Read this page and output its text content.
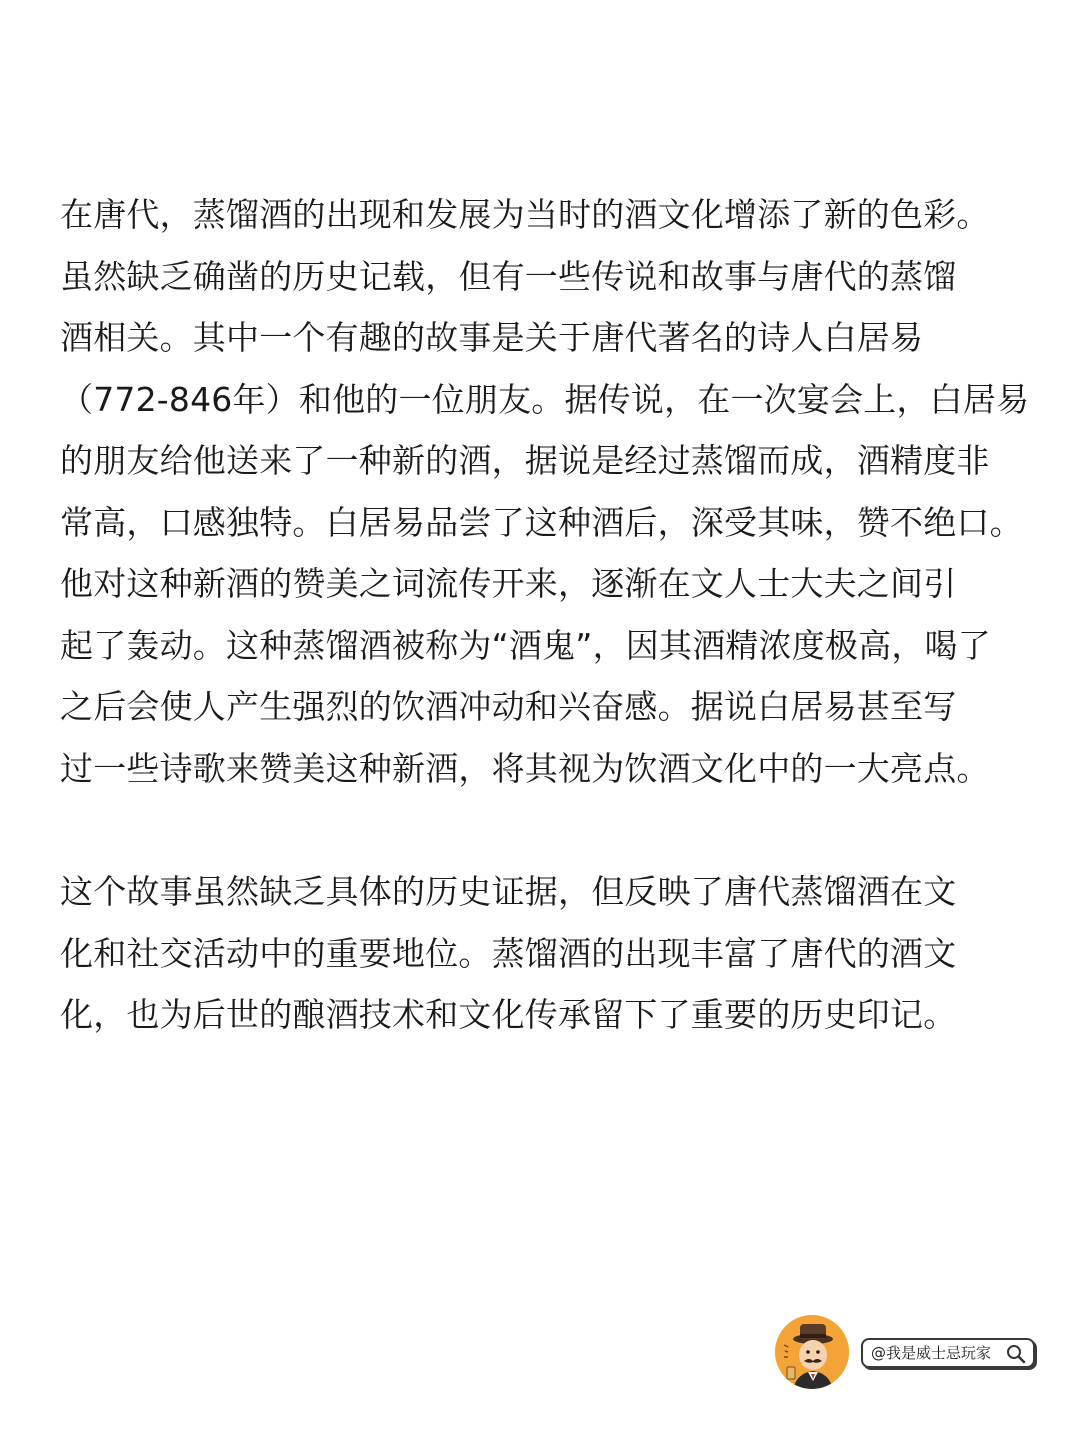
在唐代，蒸馏酒的出现和发展为当时的酒文化增添了新的色彩。
虽然缺乏确凿的历史记载，但有一些传说和故事与唐代的蒸馏
酒相关。其中一个有趣的故事是关于唐代著名的诗人白居易
（772-846年）和他的一位朋友。据传说，在一次宴会上，白居易
的朋友给他送来了一种新的酒，据说是经过蒸馏而成，酒精度非
常高，口感独特。白居易品尝了这种酒后，深受其味，赞不绝口。
他对这种新酒的赞美之词流传开来，逐渐在文人士大夫之间引
起了轰动。这种蒸馏酒被称为“酒鬼”，因其酒精浓度极高，喝了
之后会使人产生强烈的饮酒冲动和兴奋感。据说白居易甚至写
过一些诗歌来赞美这种新酒，将其视为饮酒文化中的一大亮点。
这个故事虽然缺乏具体的历史证据，但反映了唐代蒸馏酒在文
化和社交活动中的重要地位。蒸馏酒的出现丰富了唐代的酒文
化，也为后世的酿酒技术和文化传承留下了重要的历史印记。
@我是威士忌玩家
